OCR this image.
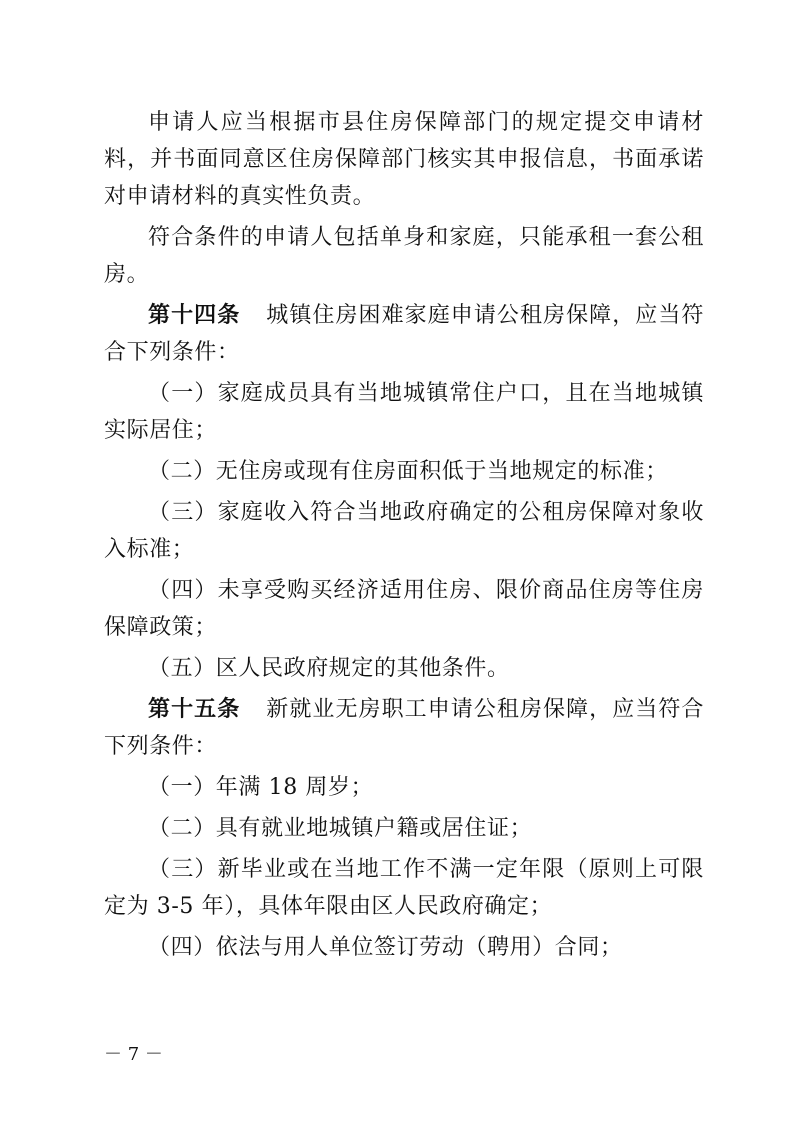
申请人应当根据市县住房保障部门的规定提交申请材料，并书面同意区住房保障部门核实其申报信息，书面承诺对申请材料的真实性负责。

符合条件的申请人包括单身和家庭，只能承租一套公租房。

第十四条 城镇住房困难家庭申请公租房保障，应当符合下列条件：

（一）家庭成员具有当地城镇常住户口，且在当地城镇实际居住；

（二）无住房或现有住房面积低于当地规定的标准；

（三）家庭收入符合当地政府确定的公租房保障对象收入标准；

（四）未享受购买经济适用住房、限价商品住房等住房保障政策；

（五）区人民政府规定的其他条件。

第十五条 新就业无房职工申请公租房保障，应当符合下列条件：

（一）年满 18 周岁；

（二）具有就业地城镇户籍或居住证；

（三）新毕业或在当地工作不满一定年限（原则上可限定为 3-5 年），具体年限由区人民政府确定；

（四）依法与用人单位签订劳动（聘用）合同；

－ 7 －
